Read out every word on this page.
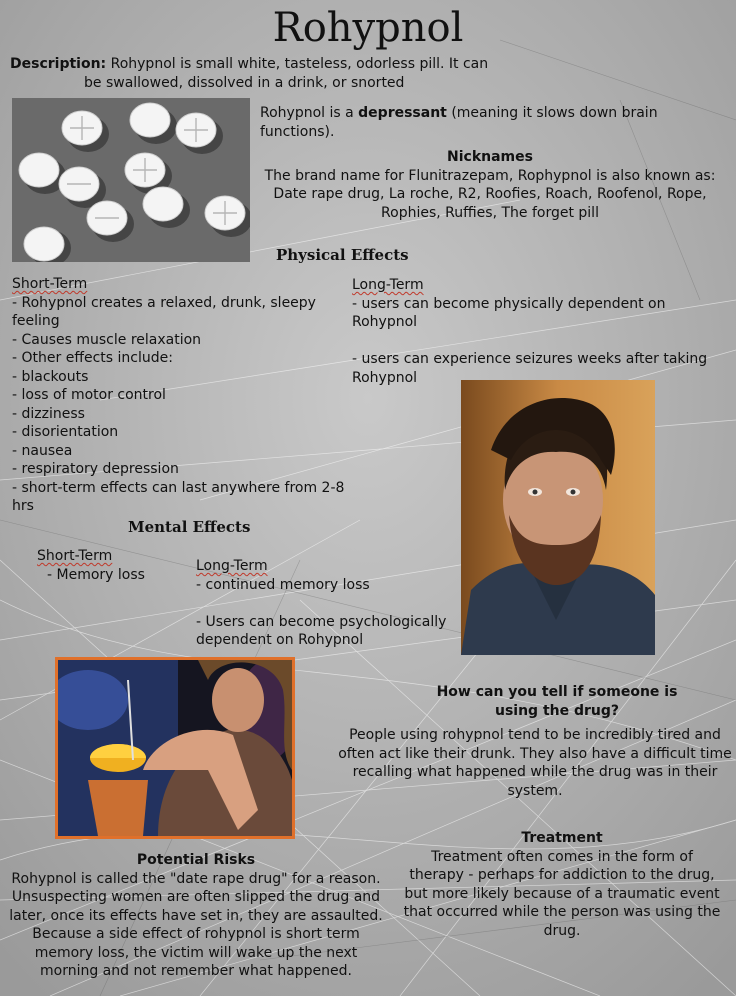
Rohypnol
Description: Rohypnol is small white, tasteless, odorless pill. It can
be swallowed, dissolved in a drink, or snorted
Rohypnol is a depressant (meaning it slows down brain functions).
Nicknames
The brand name for Flunitrazepam, Rophypnol is also known as:
Date rape drug, La roche, R2, Roofies, Roach, Roofenol, Rope,
Rophies, Ruffies, The forget pill
Physical Effects
Short-Term
- Rohypnol creates a relaxed, drunk, sleepy
feeling
- Causes muscle relaxation
- Other effects include:
- blackouts
- loss of motor control
- dizziness
- disorientation
- nausea
- respiratory depression
- short-term effects can last anywhere from 2-8
hrs
Long-Term
- users can become physically dependent on
Rohypnol
- users can experience seizures weeks after taking
Rohypnol
Mental Effects
Short-Term
- Memory loss
Long-Term
- continued memory loss
- Users can become psychologically
dependent on Rohypnol
How can you tell if someone is
using the drug?
People using rohypnol tend to be incredibly tired and
often act like their drunk. They also have a difficult time
recalling what happened while the drug was in their
system.
Treatment
Treatment often comes in the form of
therapy - perhaps for addiction to the drug,
but more likely because of a traumatic event
that occurred while the person was using the
drug.
Potential Risks
Rohypnol is called the "date rape drug" for a reason.
Unsuspecting women are often slipped the drug and
later, once its effects have set in, they are assaulted.
Because a side effect of rohypnol is short term
memory loss, the victim will wake up the next
morning and not remember what happened.
